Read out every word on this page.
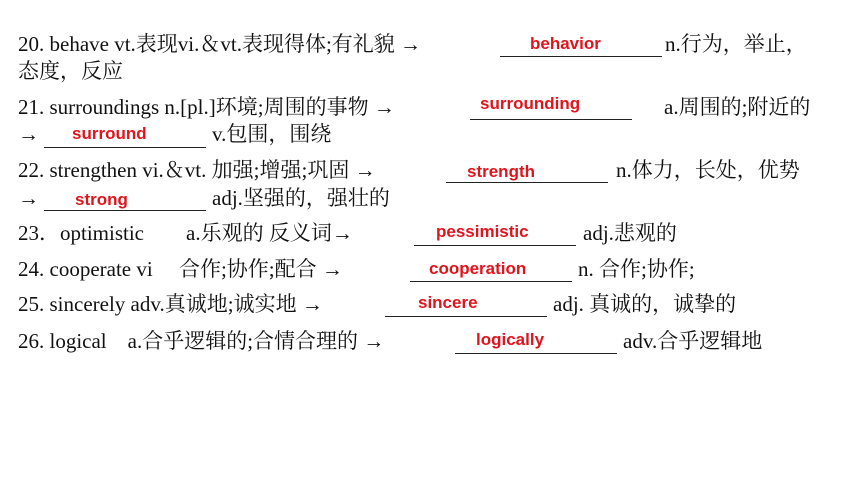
20. behave vt.表现vi.＆vt.表现得体;有礼貌 →	behavior	n.行为，举止，
态度，反应
21. surroundings n.[pl.]环境;周围的事物 →	surrounding	a.周围的;附近的
→ surround	v.包围，围绕
22. strengthen vi.＆vt. 加强;增强;巩固 →	strength	n.体力，长处，优势
→ strong	adj.坚强的，强壮的
23．optimistic　　a.乐观的 反义词→	pessimistic	adj.悲观的
24. cooperate vi　 合作;协作;配合 →	cooperation n. 合作;协作;
25. sincerely adv.真诚地;诚实地 →	sincere	adj. 真诚的，诚挚的
26. logical　a.合乎逻辑的;合情合理的 →	logically	adv.合乎逻辑地
